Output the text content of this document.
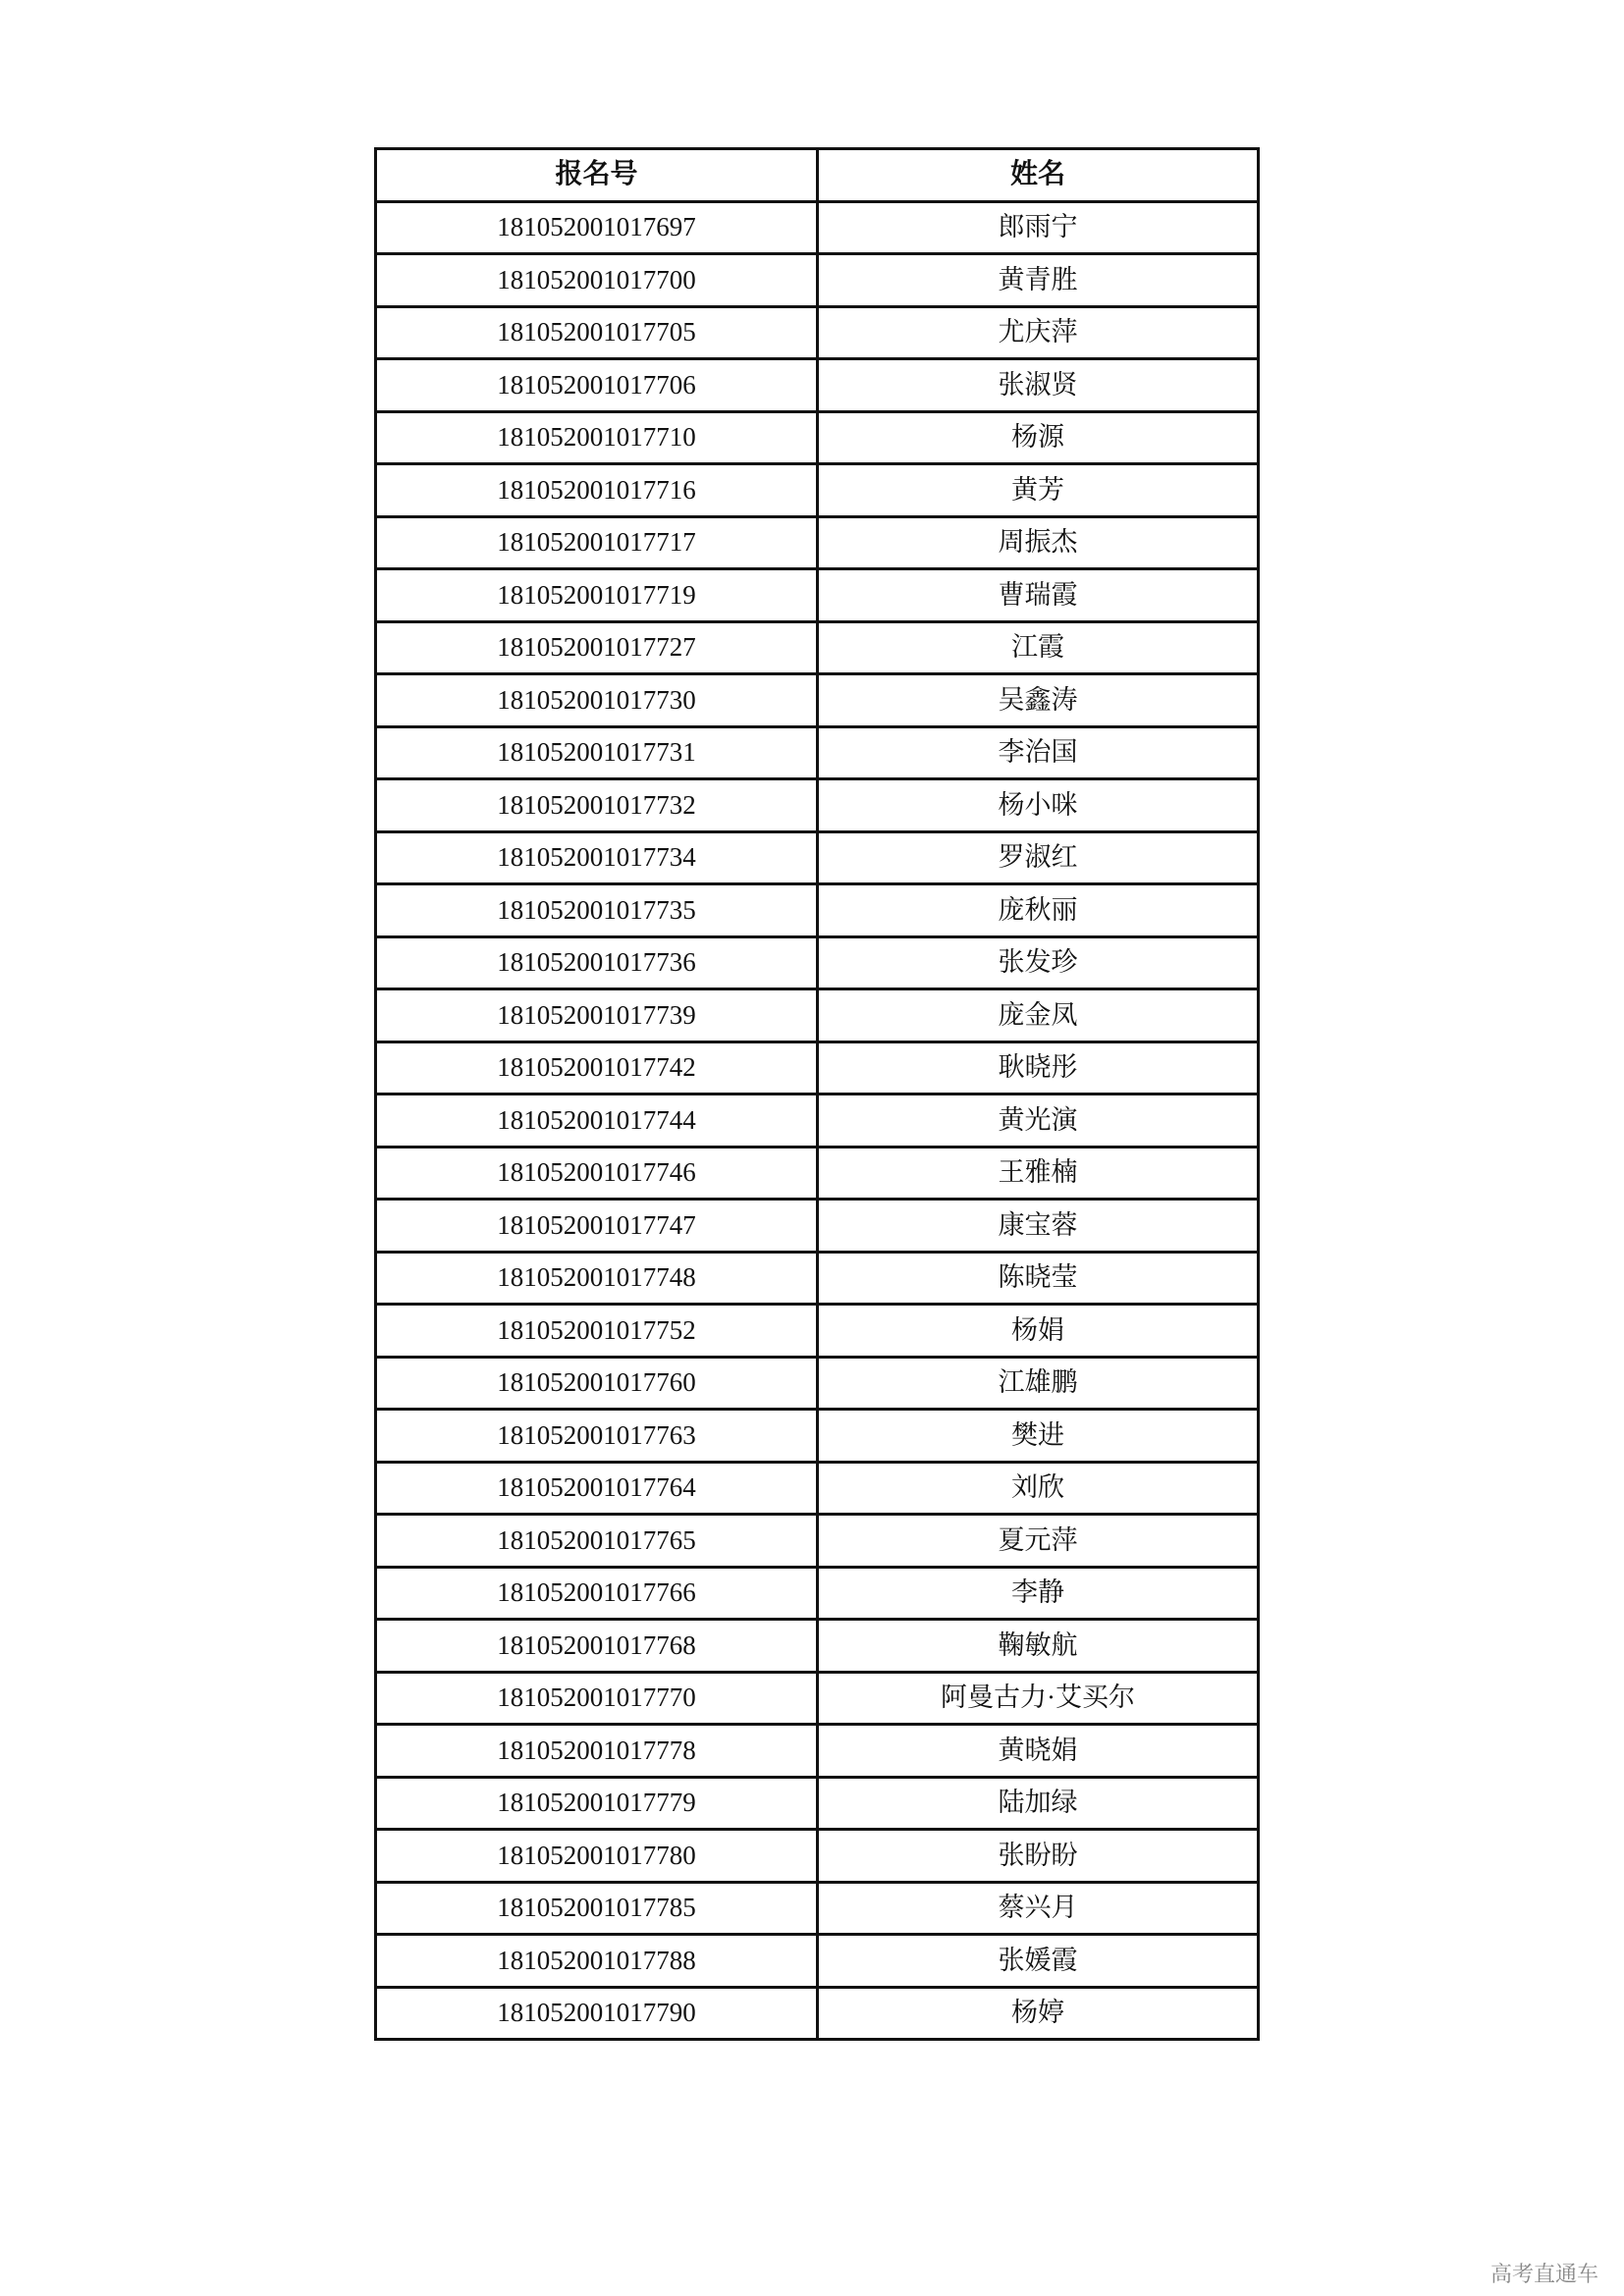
报名号	姓名
181052001017697	郎雨宁
181052001017700	黄青胜
181052001017705	尤庆萍
181052001017706	张淑贤
181052001017710	杨源
181052001017716	黄芳
181052001017717	周振杰
181052001017719	曹瑞霞
181052001017727	江霞
181052001017730	吴鑫涛
181052001017731	李治国
181052001017732	杨小咪
181052001017734	罗淑红
181052001017735	庞秋丽
181052001017736	张发珍
181052001017739	庞金凤
181052001017742	耿晓彤
181052001017744	黄光演
181052001017746	王雅楠
181052001017747	康宝蓉
181052001017748	陈晓莹
181052001017752	杨娟
181052001017760	江雄鹏
181052001017763	樊进
181052001017764	刘欣
181052001017765	夏元萍
181052001017766	李静
181052001017768	鞠敏航
181052001017770	阿曼古力·艾买尔
181052001017778	黄晓娟
181052001017779	陆加绿
181052001017780	张盼盼
181052001017785	蔡兴月
181052001017788	张媛霞
181052001017790	杨婷
高考直通车
